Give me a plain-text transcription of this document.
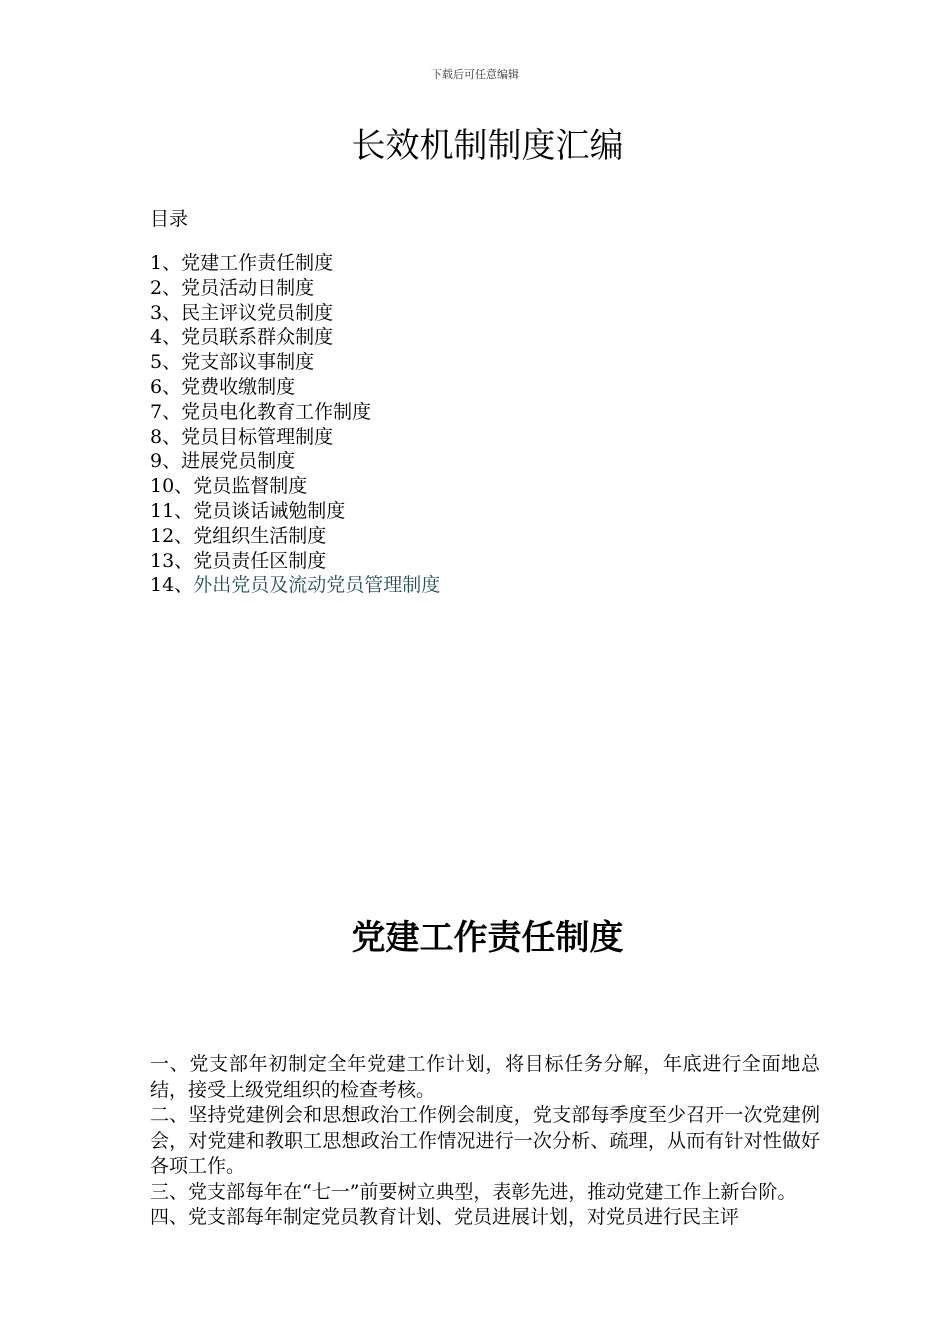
下载后可任意编辑
长效机制制度汇编
目录
1、党建工作责任制度
2、党员活动日制度
3、民主评议党员制度
4、党员联系群众制度
5、党支部议事制度
6、党费收缴制度
7、党员电化教育工作制度
8、党员目标管理制度
9、进展党员制度
10、党员监督制度
11、党员谈话诫勉制度
12、党组织生活制度
13、党员责任区制度
14、外出党员及流动党员管理制度
党建工作责任制度

一、党支部年初制定全年党建工作计划，将目标任务分解，年底进行全面地总结，接受上级党组织的检查考核。

二、坚持党建例会和思想政治工作例会制度，党支部每季度至少召开一次党建例会，对党建和教职工思想政治工作情况进行一次分析、疏理，从而有针对性做好各项工作。

三、党支部每年在“七一”前要树立典型，表彰先进，推动党建工作上新台阶。

四、党支部每年制定党员教育计划、党员进展计划，对党员进行民主评
